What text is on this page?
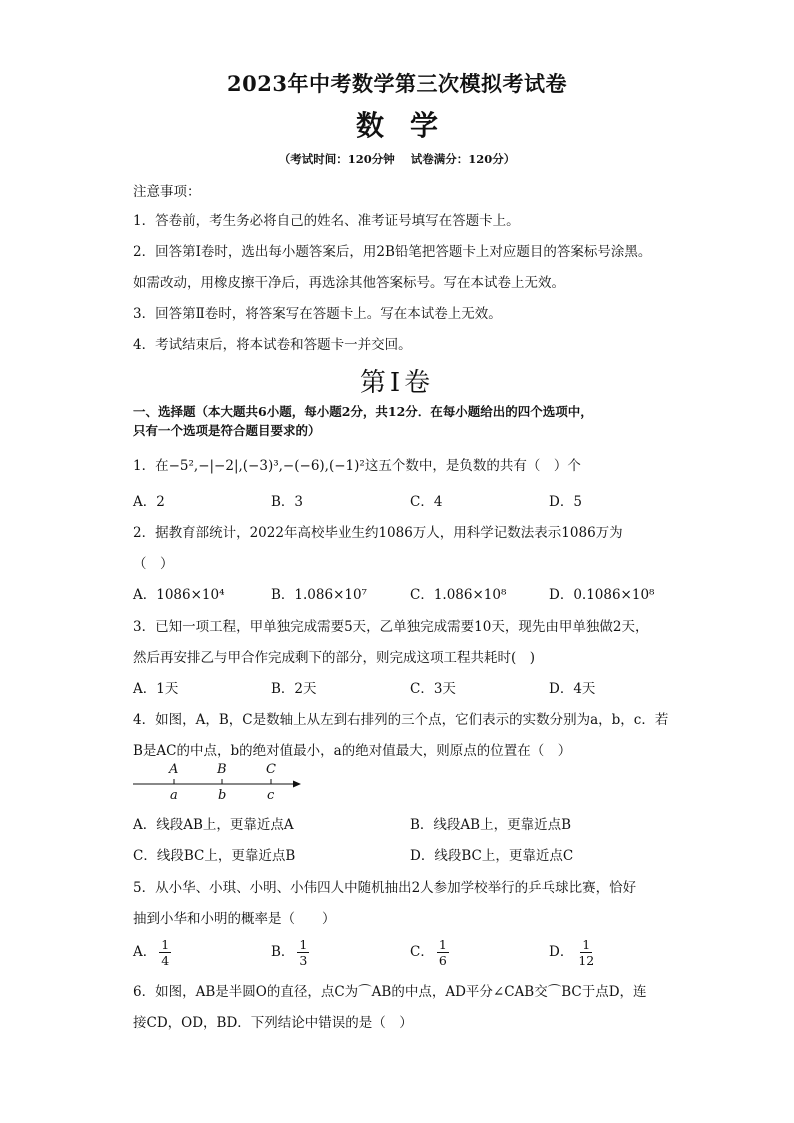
2023年中考数学第三次模拟考试卷
数学
（考试时间：120分钟 试卷满分：120分）
注意事项：
1．答卷前，考生务必将自己的姓名、准考证号填写在答题卡上。
2．回答第Ⅰ卷时，选出每小题答案后，用2B铅笔把答题卡上对应题目的答案标号涂黑。
如需改动，用橡皮擦干净后，再选涂其他答案标号。写在本试卷上无效。
3．回答第Ⅱ卷时，将答案写在答题卡上。写在本试卷上无效。
4．考试结束后，将本试卷和答题卡一并交回。
第Ⅰ卷
一、选择题（本大题共6小题，每小题2分，共12分．在每小题给出的四个选项中，
只有一个选项是符合题目要求的）
1．在−5²,−|−2|,(−3)³,−(−6),(−1)²这五个数中，是负数的共有（　）个
A．2	B．3	C．4	D．5
2．据教育部统计，2022年高校毕业生约1086万人，用科学记数法表示1086万为
（　）
A．1086×10⁴	B．1.086×10⁷	C．1.086×10⁸	D．0.1086×10⁸
3．已知一项工程，甲单独完成需要5天，乙单独完成需要10天，现先由甲单独做2天，
然后再安排乙与甲合作完成剩下的部分，则完成这项工程共耗时(　)
A．1天	B．2天	C．3天	D．4天
4．如图，A，B，C是数轴上从左到右排列的三个点，它们表示的实数分别为a，b，c．若
B是AC的中点，b的绝对值最小，a的绝对值最大，则原点的位置在（　）
A	B	C
a	b	c
A．线段AB上，更靠近点A	B．线段AB上，更靠近点B
C．线段BC上，更靠近点B	D．线段BC上，更靠近点C
5．从小华、小琪、小明、小伟四人中随机抽出2人参加学校举行的乒乓球比赛，恰好
抽到小华和小明的概率是（　　）
A． $\frac{1}{4}$	B． $\frac{1}{3}$	C． $\frac{1}{6}$	D． $\frac{1}{12}$
6．如图，AB是半圆O的直径，点C为⌒AB的中点，AD平分∠CAB交⌒BC于点D，连
接CD，OD，BD．下列结论中错误的是（　）
